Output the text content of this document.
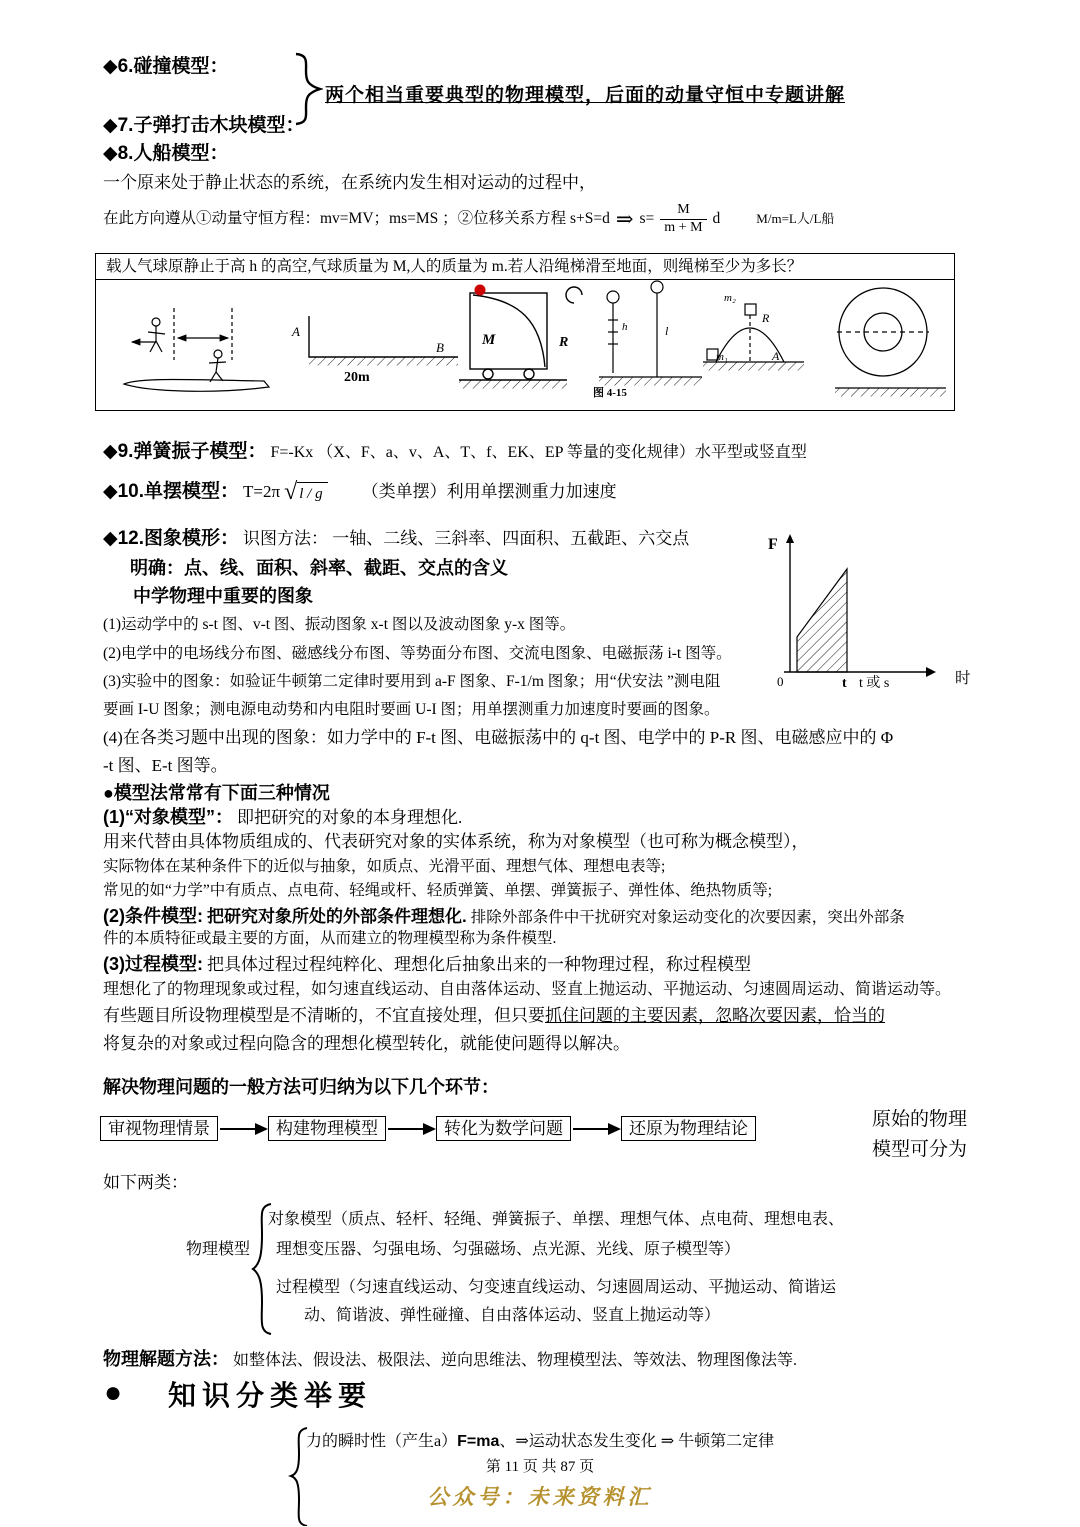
◆6.碰撞模型：
两个相当重要典型的物理模型，后面的动量守恒中专题讲解
◆7.子弹打击木块模型：
◆8.人船模型：
一个原来处于静止状态的系统，在系统内发生相对运动的过程中，
在此方向遵从①动量守恒方程：mv=MV；ms=MS ；②位移关系方程 s+S=d ⇒ $s= \frac{M}{m + M}$ d	M/m=L人/L船
载人气球原静止于高 h 的高空,气球质量为 M,人的质量为 m.若人沿绳梯滑至地面，则绳梯至少为多长？
A
B
20m
M	R
图 4-15
h	l
m₂
R
m₁	A
◆9.弹簧振子模型： F=-Kx （X、F、a、v、A、T、f、EK、EP 等量的变化规律）水平型或竖直型
◆10.单摆模型： T=2π √ l / g （类单摆）利用单摆测重力加速度
◆12.图象模形： 识图方法： 一轴、二线、三斜率、四面积、五截距、六交点
明确：点、线、面积、斜率、截距、交点的含义
中学物理中重要的图象
(1)运动学中的 s-t 图、v-t 图、振动图象 x-t 图以及波动图象 y-x 图等。
(2)电学中的电场线分布图、磁感线分布图、等势面分布图、交流电图象、电磁振荡 i-t 图等。
(3)实验中的图象：如验证牛顿第二定律时要用到 a-F 图象、F-1/m 图象；用“伏安法 ”测电阻	时
要画 I-U 图象；测电源电动势和内电阻时要画 U-I 图；用单摆测重力加速度时要画的图象。
(4)在各类习题中出现的图象：如力学中的 F-t 图、电磁振荡中的 q-t 图、电学中的 P-R 图、电磁感应中的 Φ
-t 图、E-t 图等。
F
0	t t 或 s
●模型法常常有下面三种情况
(1)“对象模型”： 即把研究的对象的本身理想化.
用来代替由具体物质组成的、代表研究对象的实体系统，称为对象模型（也可称为概念模型），
实际物体在某种条件下的近似与抽象，如质点、光滑平面、理想气体、理想电表等;
常见的如“力学”中有质点、点电荷、轻绳或杆、轻质弹簧、单摆、弹簧振子、弹性体、绝热物质等;
(2)条件模型: 把研究对象所处的外部条件理想化. 排除外部条件中干扰研究对象运动变化的次要因素，突出外部条
件的本质特征或最主要的方面，从而建立的物理模型称为条件模型.
(3)过程模型: 把具体过程过程纯粹化、理想化后抽象出来的一种物理过程，称过程模型
理想化了的物理现象或过程，如匀速直线运动、自由落体运动、竖直上抛运动、平抛运动、匀速圆周运动、简谐运动等。
有些题目所设物理模型是不清晰的，不宜直接处理，但只要抓住问题的主要因素，忽略次要因素，恰当的
将复杂的对象或过程向隐含的理想化模型转化，就能使问题得以解决。
解决物理问题的一般方法可归纳为以下几个环节：
审视物理情景	构建物理模型	转化为数学问题	还原为物理结论	原始的物理
模型可分为
如下两类：
物理模型
对象模型（质点、轻杆、轻绳、弹簧振子、单摆、理想气体、点电荷、理想电表、
理想变压器、匀强电场、匀强磁场、点光源、光线、原子模型等）
过程模型（匀速直线运动、匀变速直线运动、匀速圆周运动、平抛运动、简谐运
动、简谐波、弹性碰撞、自由落体运动、竖直上抛运动等）
物理解题方法： 如整体法、假设法、极限法、逆向思维法、物理模型法、等效法、物理图像法等.
● 知识分类举要
力的瞬时性（产生a）F=ma、⇒运动状态发生变化 ⇒ 牛顿第二定律
第 11 页 共 87 页
公众号：未来资料汇
